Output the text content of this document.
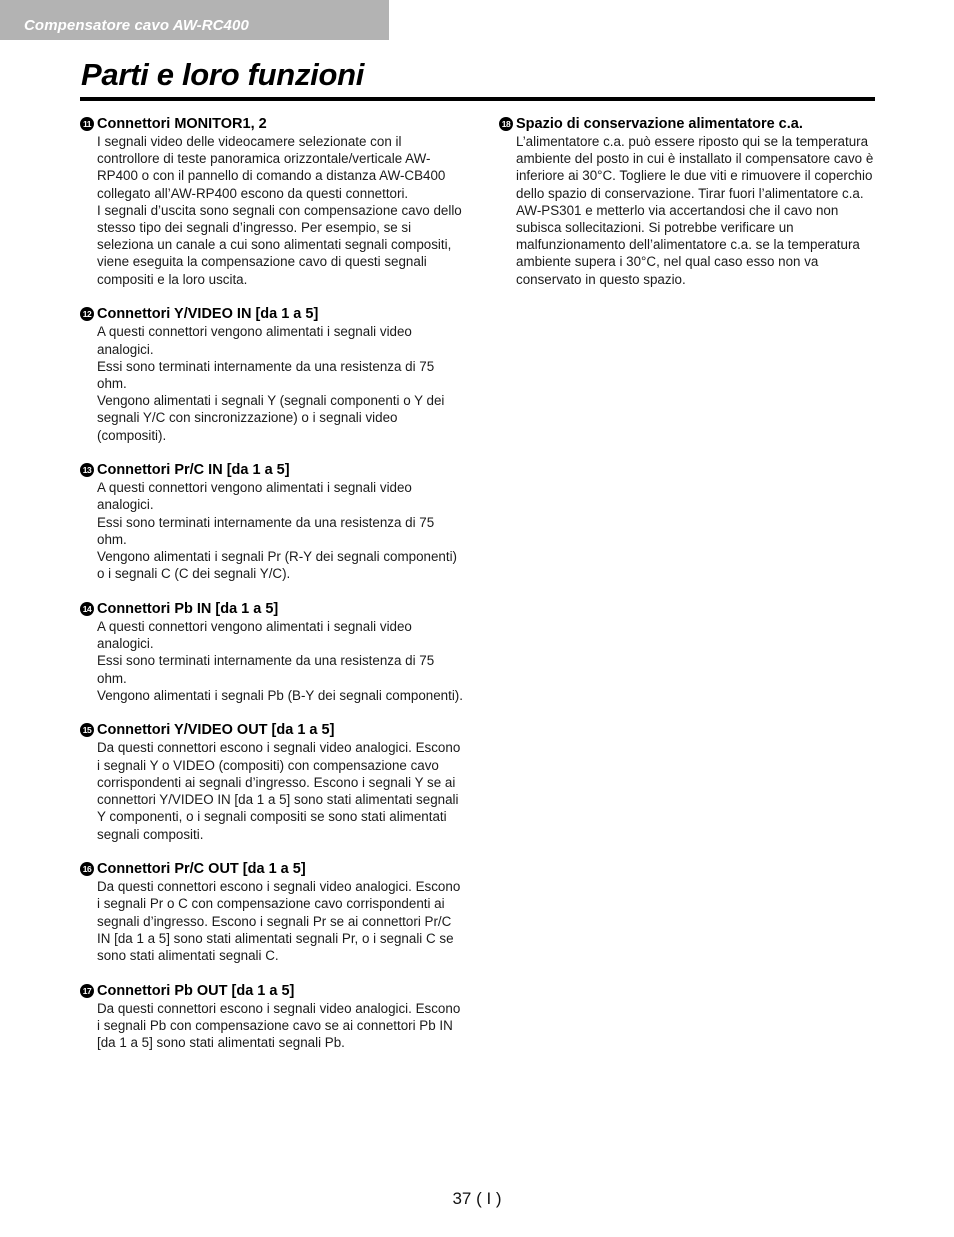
Compensatore cavo AW-RC400
Parti e loro funzioni
11 Connettori MONITOR1, 2

I segnali video delle videocamere selezionate con il controllore di teste panoramica orizzontale/verticale AW-RP400 o con il pannello di comando a distanza AW-CB400 collegato all’AW-RP400 escono da questi connettori.

I segnali d’uscita sono segnali con compensazione cavo dello stesso tipo dei segnali d’ingresso. Per esempio, se si seleziona un canale a cui sono alimentati segnali compositi, viene eseguita la compensazione cavo di questi segnali compositi e la loro uscita.

12 Connettori Y/VIDEO IN [da 1 a 5]

A questi connettori vengono alimentati i segnali video analogici.

Essi sono terminati internamente da una resistenza di 75 ohm.

Vengono alimentati i segnali Y (segnali componenti o Y dei segnali Y/C con sincronizzazione) o i segnali video (compositi).

13 Connettori Pr/C IN [da 1 a 5]

A questi connettori vengono alimentati i segnali video analogici.

Essi sono terminati internamente da una resistenza di 75 ohm.

Vengono alimentati i segnali Pr (R-Y dei segnali componenti) o i segnali C (C dei segnali Y/C).

14 Connettori Pb IN [da 1 a 5]

A questi connettori vengono alimentati i segnali video analogici.

Essi sono terminati internamente da una resistenza di 75 ohm.

Vengono alimentati i segnali Pb (B-Y dei segnali componenti).

15 Connettori Y/VIDEO OUT [da 1 a 5]

Da questi connettori escono i segnali video analogici. Escono i segnali Y o VIDEO (compositi) con compensazione cavo corrispondenti ai segnali d’ingresso. Escono i segnali Y se ai connettori Y/VIDEO IN [da 1 a 5] sono stati alimentati segnali Y componenti, o i segnali compositi se sono stati alimentati segnali compositi.

16 Connettori Pr/C OUT [da 1 a 5]

Da questi connettori escono i segnali video analogici. Escono i segnali Pr o C con compensazione cavo corrispondenti ai segnali d’ingresso. Escono i segnali Pr se ai connettori Pr/C IN [da 1 a 5] sono stati alimentati segnali Pr, o i segnali C se sono stati alimentati segnali C.

17 Connettori Pb OUT [da 1 a 5]

Da questi connettori escono i segnali video analogici. Escono i segnali Pb con compensazione cavo se ai connettori Pb IN [da 1 a 5] sono stati alimentati segnali Pb.

18 Spazio di conservazione alimentatore c.a.

L’alimentatore c.a. può essere riposto qui se la temperatura ambiente del posto in cui è installato il compensatore cavo è inferiore ai 30°C. Togliere le due viti e rimuovere il coperchio dello spazio di conservazione. Tirar fuori l’alimentatore c.a. AW-PS301 e metterlo via accertandosi che il cavo non subisca sollecitazioni. Si potrebbe verificare un malfunzionamento dell’alimentatore c.a. se la temperatura ambiente supera i 30°C, nel qual caso esso non va conservato in questo spazio.

37 ( I )
